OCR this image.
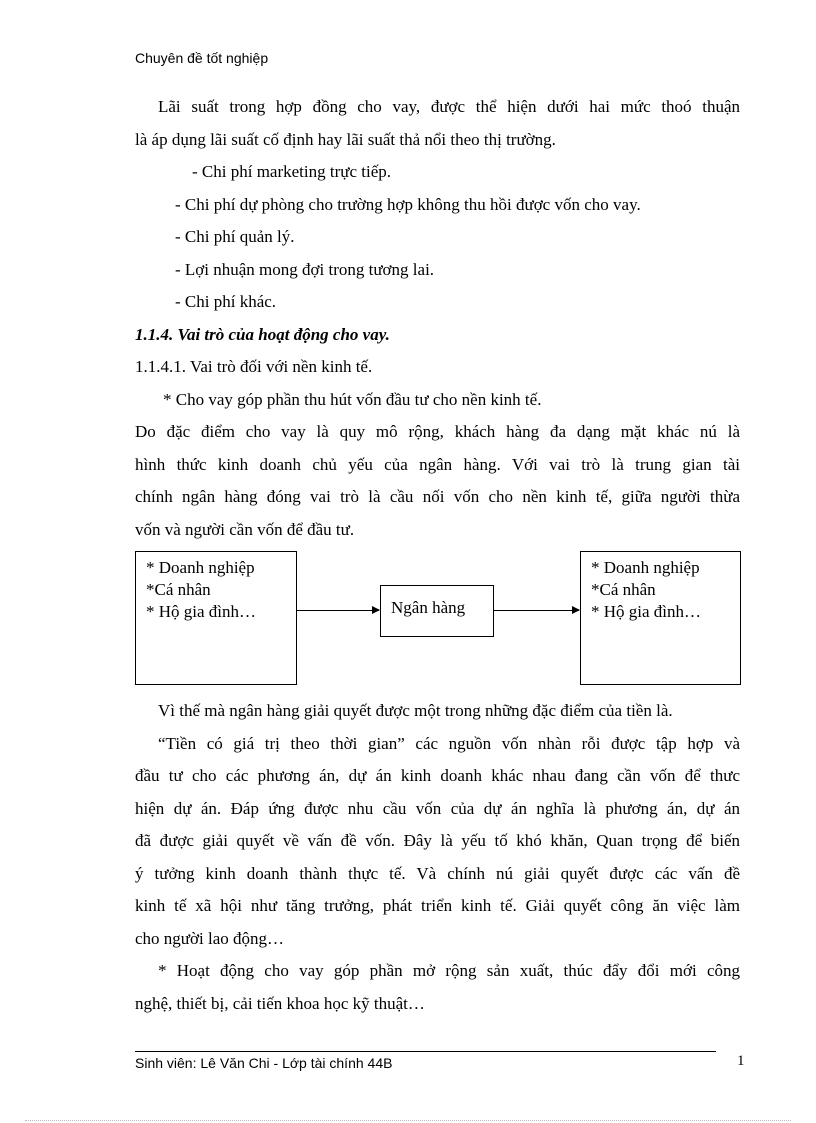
Chuyên đề tốt nghiệp

Lãi suất trong hợp đồng cho vay, được thể hiện dưới hai mức thoó thuận

là áp dụng lãi suất cố định hay lãi suất thả nổi theo thị trường.

- Chi phí marketing trực tiếp.

- Chi phí dự phòng cho trường hợp không thu hồi được vốn cho vay.

- Chi phí quản lý.

- Lợi nhuận mong đợi trong tương lai.

- Chi phí khác.

1.1.4. Vai trò của hoạt động cho vay.

1.1.4.1. Vai trò đối với nền kinh tế.

* Cho vay góp phần thu hút vốn đầu tư cho nền kinh tế.

Do đặc điểm cho vay là quy mô rộng, khách hàng đa dạng mặt khác nú là

hình thức kinh doanh chủ yếu của ngân hàng. Với vai trò là trung gian tài

chính ngân hàng đóng vai trò là cầu nối vốn cho nền kinh tế, giữa người thừa

vốn và người cần vốn để đầu tư.

* Doanh nghiệp

*Cá nhân

* Hộ gia đình…	Ngân hàng

* Doanh nghiệp

*Cá nhân

* Hộ gia đình…

Vì thế mà ngân hàng giải quyết được một trong những đặc điểm của tiền là.

“Tiền có giá trị theo thời gian” các nguồn vốn nhàn rỗi được tập hợp và

đầu tư cho các phương án, dự án kinh doanh khác nhau đang cần vốn để thưc

hiện dự án. Đáp ứng được nhu cầu vốn của dự án nghĩa là phương án, dự án

đã được giải quyết về vấn đề vốn. Đây là yếu tố khó khăn, Quan trọng để biến

ý tưởng kinh doanh thành thực tế. Và chính nú giải quyết được các vấn đề

kinh tế xã hội như tăng trưởng, phát triển kinh tế. Giải quyết công ăn việc làm

cho người lao động…

* Hoạt động cho vay góp phần mở rộng sản xuất, thúc đẩy đổi mới công

nghệ, thiết bị, cải tiến khoa học kỹ thuật…

Sinh viên: Lê Văn Chi - Lớp tài chính 44B	1
